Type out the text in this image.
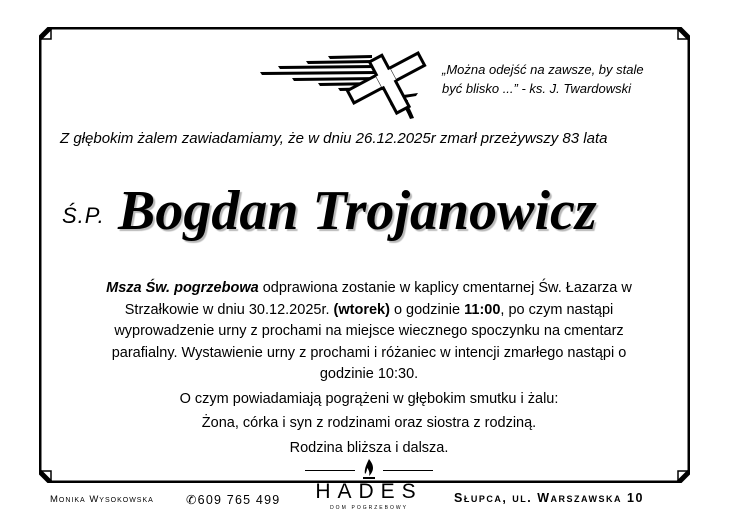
„Można odejść na zawsze, by stale
być blisko ...” - ks. J. Twardowski
Z głębokim żalem zawiadamiamy, że w dniu 26.12.2025r zmarł przeżywszy 83 lata
Ś.P. Bogdan Trojanowicz

Msza Św. pogrzebowa odprawiona zostanie w kaplicy cmentarnej Św. Łazarza w

Strzałkowie w dniu 30.12.2025r. (wtorek) o godzinie 11:00, po czym nastąpi

wyprowadzenie urny z prochami na miejsce wiecznego spoczynku na cmentarz

parafialny. Wystawienie urny z prochami i różaniec w intencji zmarłego nastąpi o

godzinie 10:30.

O czym powiadamiają pogrążeni w głębokim smutku i żalu:

Żona, córka i syn z rodzinami oraz siostra z rodziną.

Rodzina bliższa i dalsza.

Monika Wysokowska	✆609 765 499	HADES
dom pogrzebowy
Słupca, ul. Warszawska 10
